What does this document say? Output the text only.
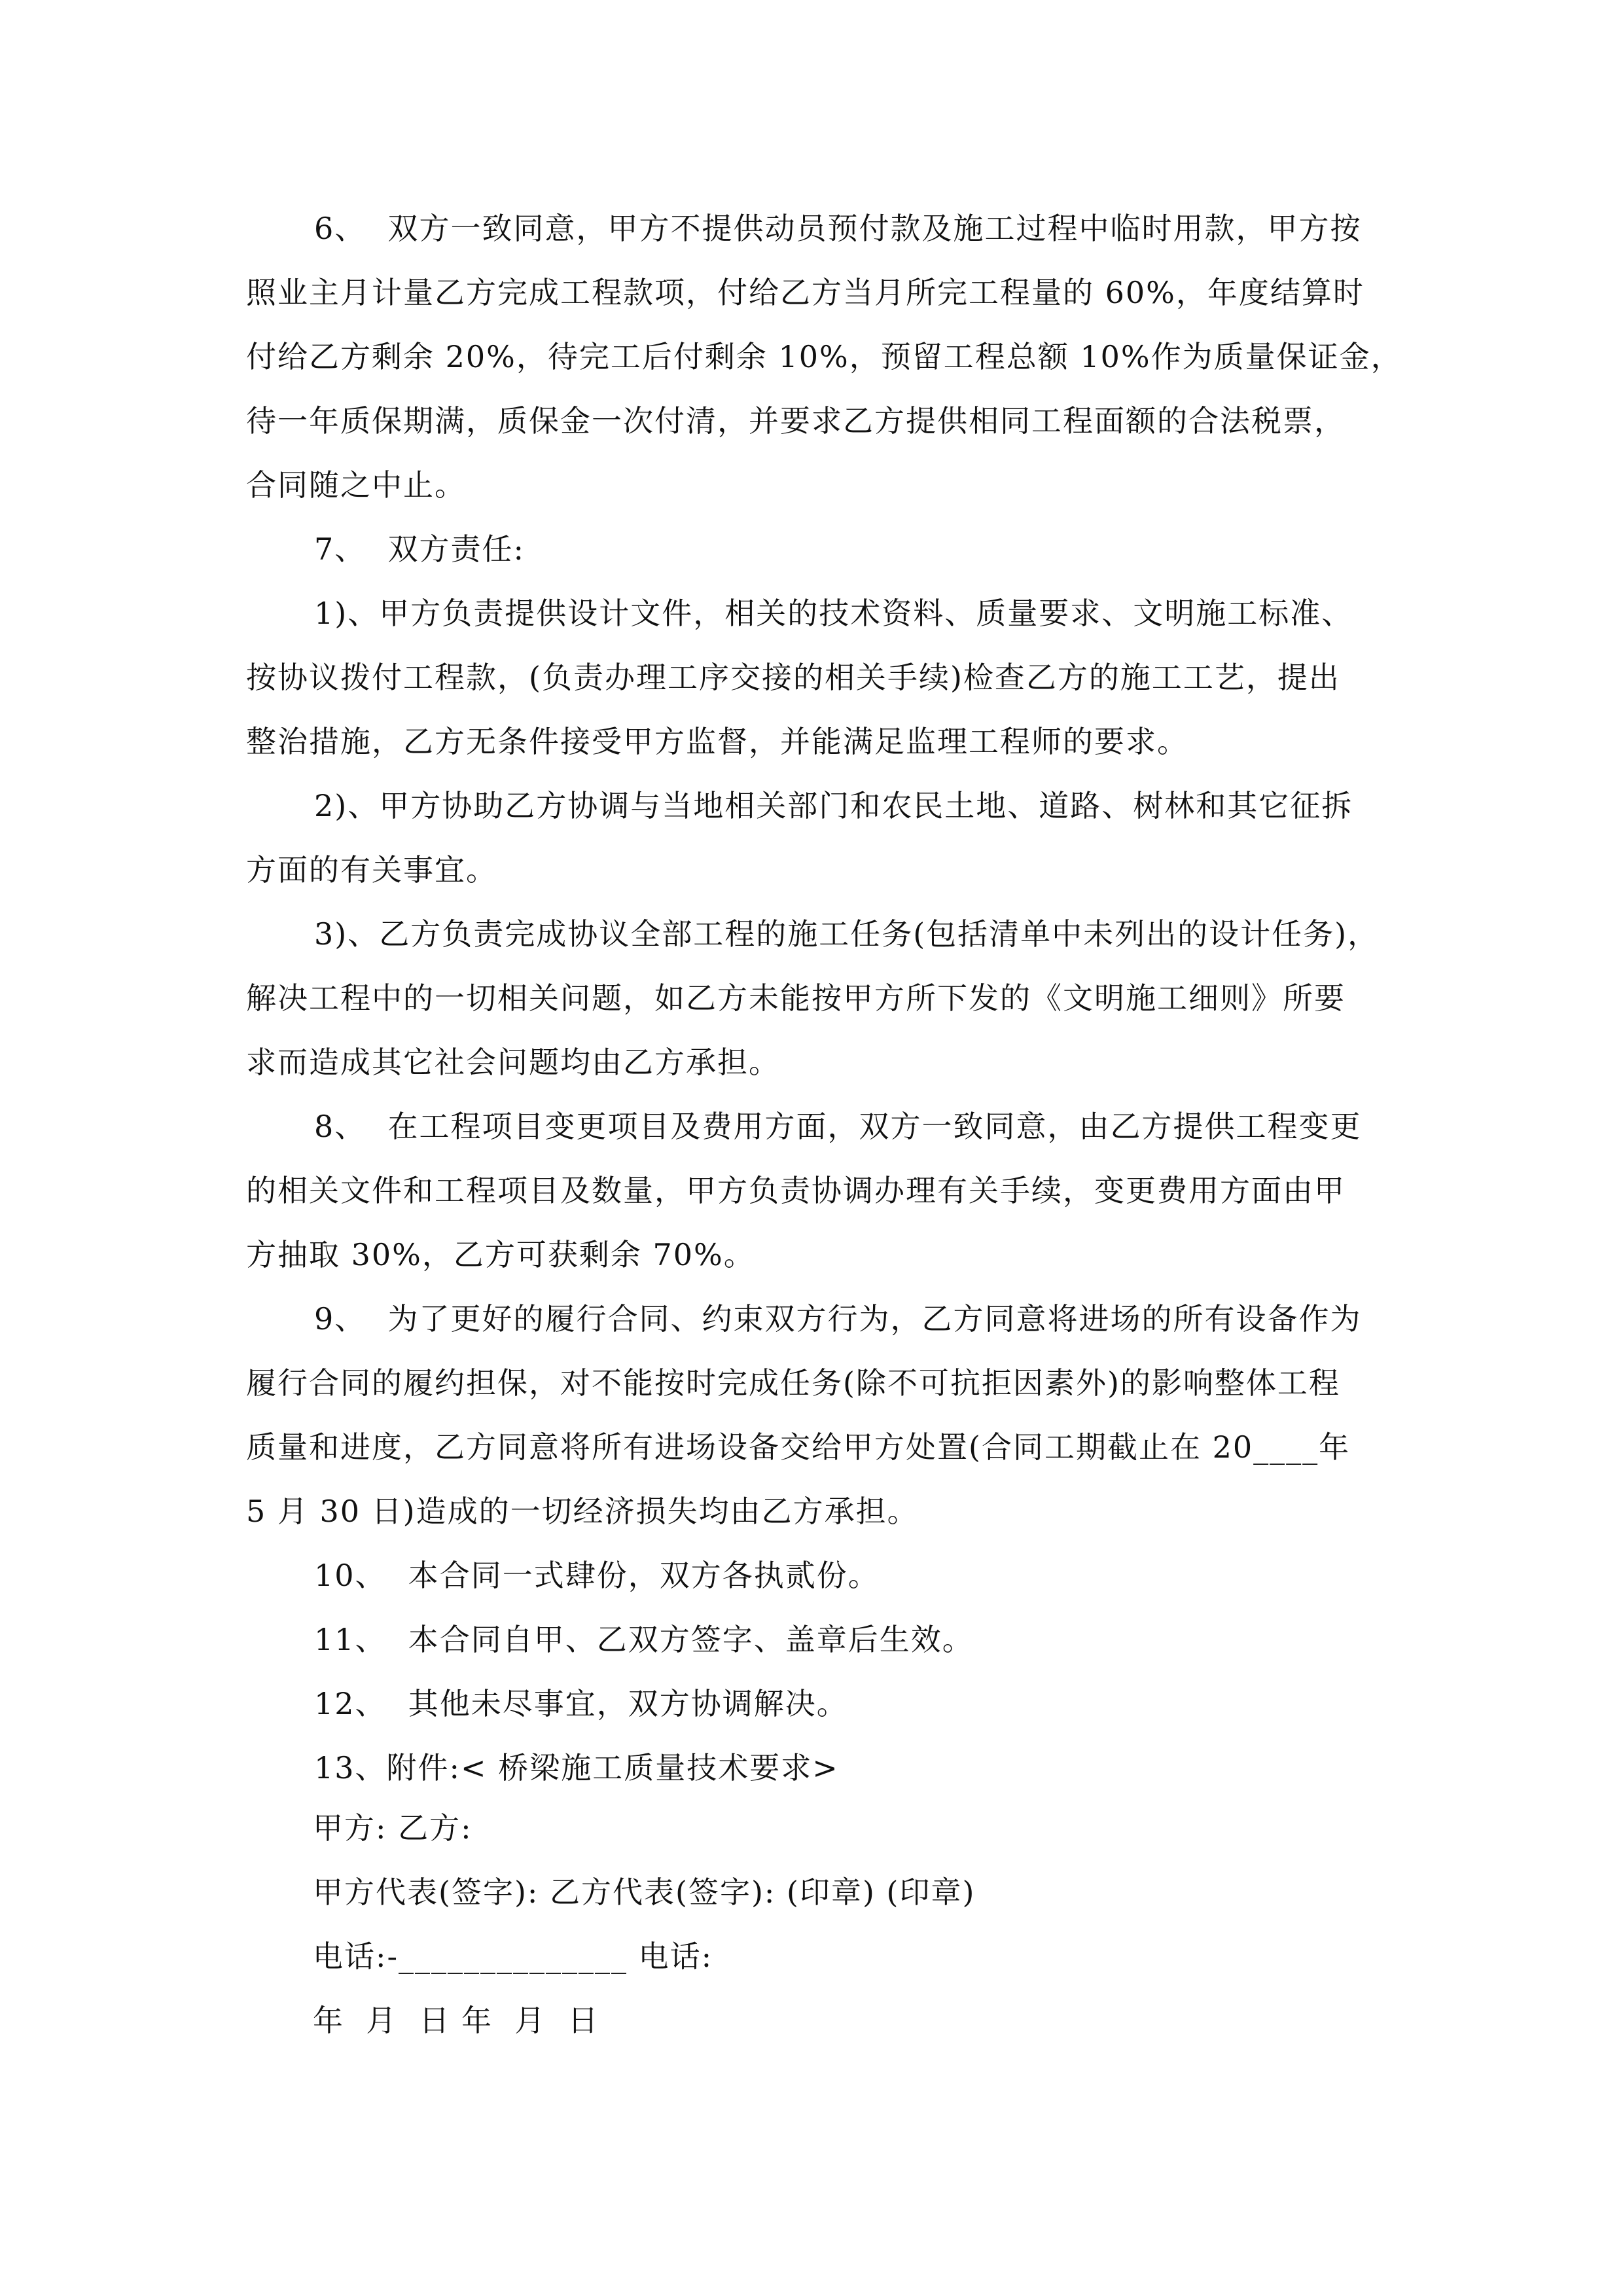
6、  双方一致同意，甲方不提供动员预付款及施工过程中临时用款，甲方按
照业主月计量乙方完成工程款项，付给乙方当月所完工程量的 60%，年度结算时
付给乙方剩余 20%，待完工后付剩余 10%，预留工程总额 10%作为质量保证金，
待一年质保期满，质保金一次付清，并要求乙方提供相同工程面额的合法税票，
合同随之中止。
7、  双方责任:
1)、甲方负责提供设计文件，相关的技术资料、质量要求、文明施工标准、
按协议拨付工程款，(负责办理工序交接的相关手续)检查乙方的施工工艺，提出
整治措施，乙方无条件接受甲方监督，并能满足监理工程师的要求。
2)、甲方协助乙方协调与当地相关部门和农民土地、道路、树林和其它征拆
方面的有关事宜。
3)、乙方负责完成协议全部工程的施工任务(包括清单中未列出的设计任务)，
解决工程中的一切相关问题，如乙方未能按甲方所下发的《文明施工细则》所要
求而造成其它社会问题均由乙方承担。
8、  在工程项目变更项目及费用方面，双方一致同意，由乙方提供工程变更
的相关文件和工程项目及数量，甲方负责协调办理有关手续，变更费用方面由甲
方抽取 30%，乙方可获剩余 70%。
9、  为了更好的履行合同、约束双方行为，乙方同意将进场的所有设备作为
履行合同的履约担保，对不能按时完成任务(除不可抗拒因素外)的影响整体工程
质量和进度，乙方同意将所有进场设备交给甲方处置(合同工期截止在 20____年
5 月 30 日)造成的一切经济损失均由乙方承担。
10、  本合同一式肆份，双方各执贰份。
11、  本合同自甲、乙双方签字、盖章后生效。
12、  其他未尽事宜，双方协调解决。
13、附件:< 桥梁施工质量技术要求>
甲方: 乙方:
甲方代表(签字): 乙方代表(签字): (印章) (印章)
电话:-______________ 电话:
年  月  日 年  月  日
